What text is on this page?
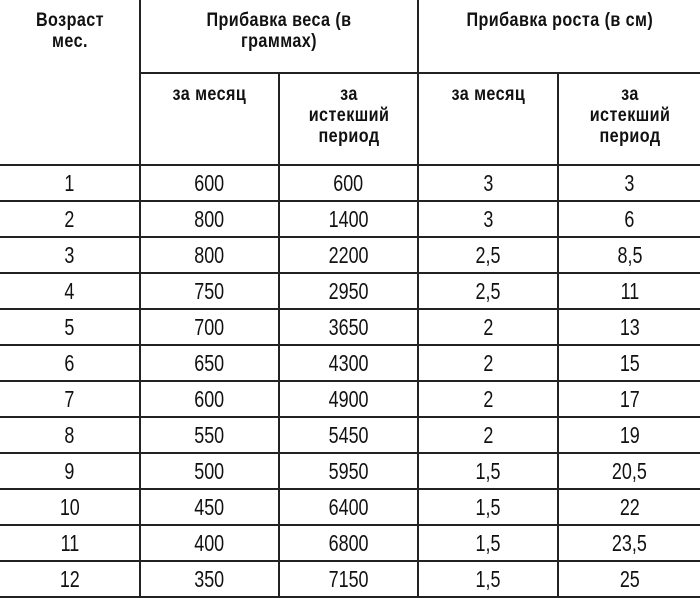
Возраст мес.	Прибавка веса (в граммах)		Прибавка роста (в см)	
	за месяц	за истекший период	за месяц	за истекший период
1	600	600	3	3
2	800	1400	3	6
3	800	2200	2,5	8,5
4	750	2950	2,5	11
5	700	3650	2	13
6	650	4300	2	15
7	600	4900	2	17
8	550	5450	2	19
9	500	5950	1,5	20,5
10	450	6400	1,5	22
11	400	6800	1,5	23,5
12	350	7150	1,5	25
